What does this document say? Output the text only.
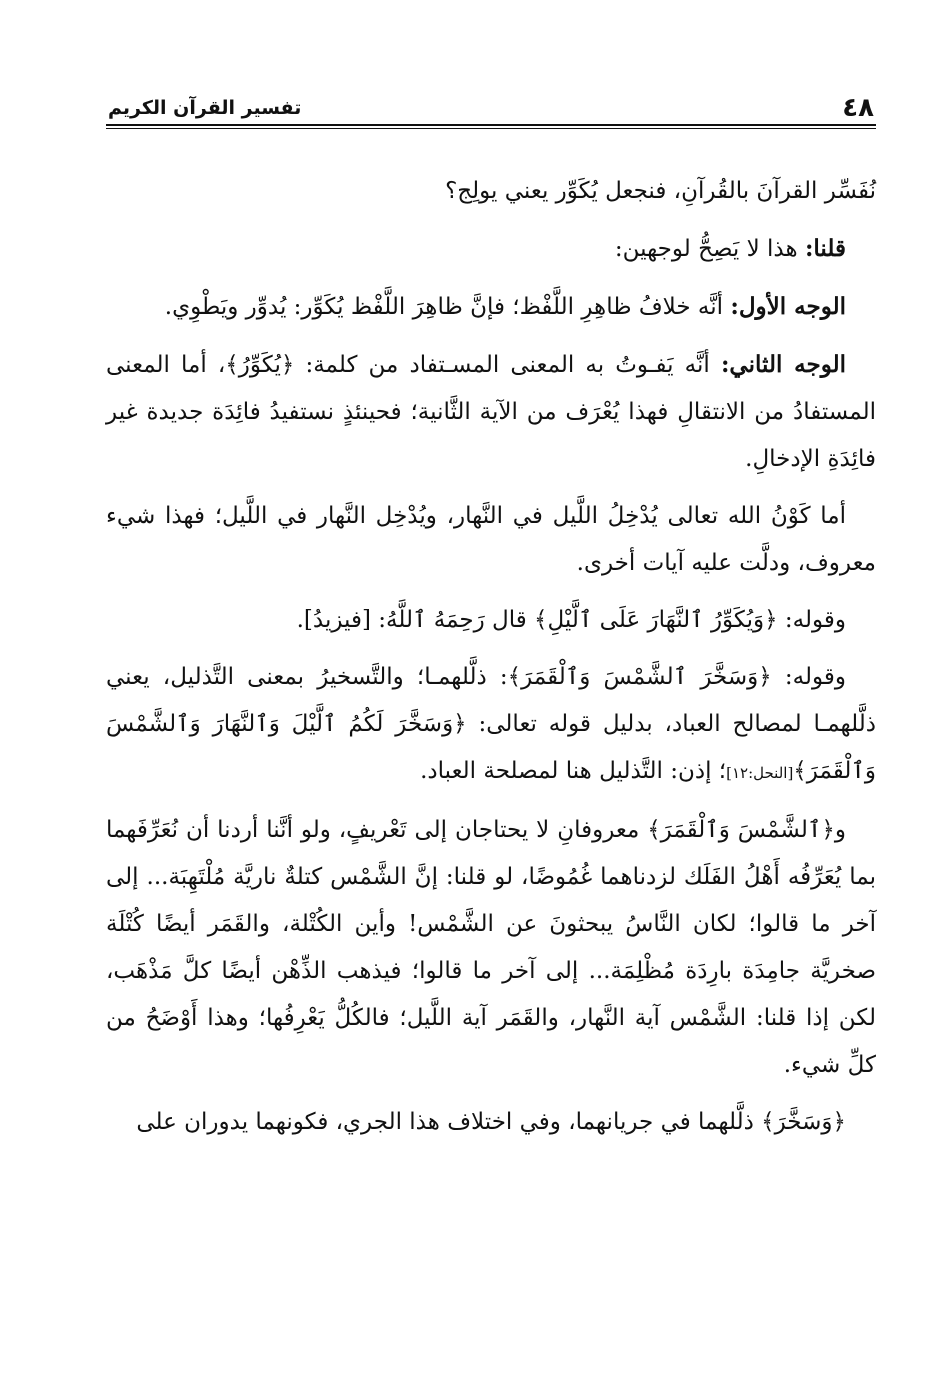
٤٨
تفسير القرآن الكريم

نُفَسِّر القرآنَ بالقُرآنِ، فنجعل يُكَوِّر يعني يولِج؟

قلنا: هذا لا يَصِحُّ لوجهين:

الوجه الأول: أنَّه خلافُ ظاهِرِ اللَّفْظ؛ فإنَّ ظاهِرَ اللَّفْظ يُكَوِّر: يُدوِّر ويَطْوِي.

الوجه الثاني: أنَّه يَفـوتُ به المعنى المسـتفاد من كلمة: ﴿يُكَوِّرُ﴾، أما المعنى المستفادُ من الانتقالِ فهذا يُعْرَف من الآية الثَّانية؛ فحينئذٍ نستفيدُ فائِدَة جديدة غير فائِدَةِ الإدخالِ.

أما كَوْنُ الله تعالى يُدْخِلُ اللَّيل في النَّهار، ويُدْخِل النَّهار في اللَّيل؛ فهذا شيء معروف، ودلَّت عليه آيات أخرى.

وقوله: ﴿وَيُكَوِّرُ ٱلنَّهَارَ عَلَى ٱلَّيْلِ﴾ قال رَحِمَهُ ٱللَّهُ: [فيزيدُ].

وقوله: ﴿وَسَخَّرَ ٱلشَّمْسَ وَٱلْقَمَرَ﴾: ذلَّلهمـا؛ والتَّسخيرُ بمعنى التَّذليل، يعني ذلَّلهمـا لمصالح العباد، بدليل قوله تعالى: ﴿وَسَخَّرَ لَكُمُ ٱلَّيْلَ وَٱلنَّهَارَ وَٱلشَّمْسَ وَٱلْقَمَرَ﴾[النحل:١٢]؛ إذن: التَّذليل هنا لمصلحة العباد.

و﴿ٱلشَّمْسَ وَٱلْقَمَرَ﴾ معروفانِ لا يحتاجان إلى تَعْريفٍ، ولو أنَّنا أردنا أن نُعَرِّفَهما بما يُعَرِّفُه أَهْلُ الفَلَك لزدناهما غُمُوضًا، لو قلنا: إنَّ الشَّمْس كتلةٌ ناريَّة مُلْتَهِبَة... إلى آخر ما قالوا؛ لكان النَّاسُ يبحثونَ عن الشَّمْس! وأين الكُتْلة، والقَمَر أيضًا كُتْلَة صخريَّة جامِدَة بارِدَة مُظْلِمَة... إلى آخر ما قالوا؛ فيذهب الذِّهْن أيضًا كلَّ مَذْهَب، لكن إذا قلنا: الشَّمْس آية النَّهار، والقَمَر آية اللَّيل؛ فالكُلُّ يَعْرِفُها؛ وهذا أَوْضَحُ من كلِّ شيء.

﴿وَسَخَّرَ﴾ ذلَّلهما في جريانهما، وفي اختلاف هذا الجري، فكونهما يدوران على
